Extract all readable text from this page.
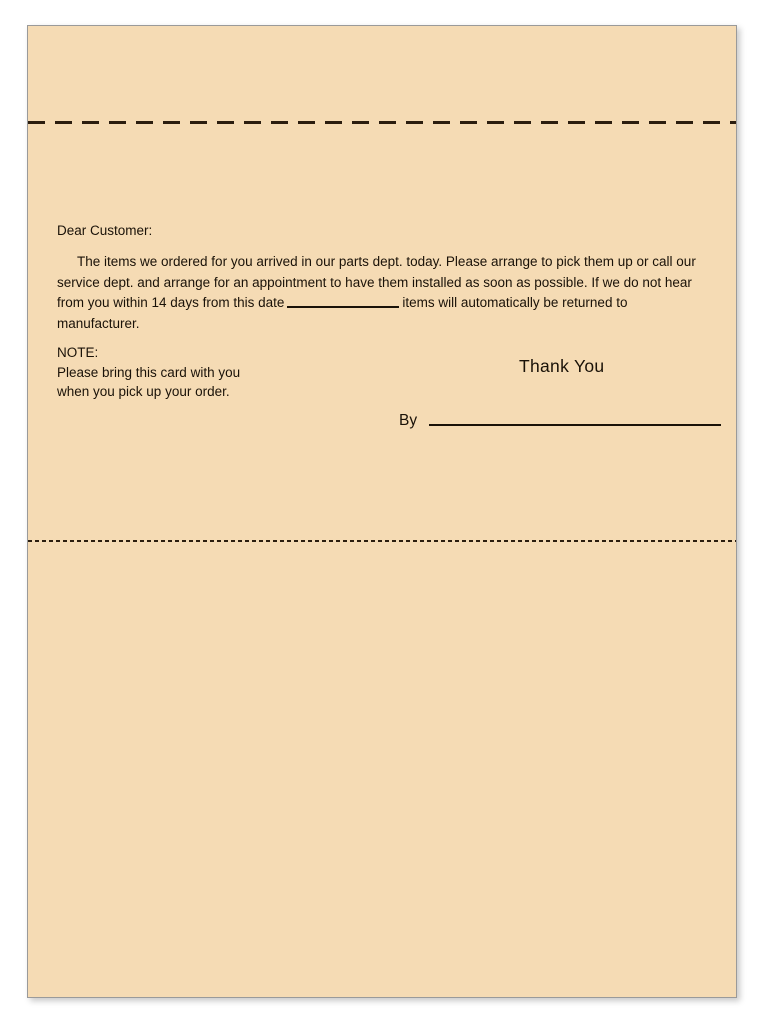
Dear Customer:

The items we ordered for you arrived in our parts dept. today. Please arrange to pick them up or call our service dept. and arrange for an appointment to have them installed as soon as possible. If we do not hear from you within 14 days from this date	items will automatically be returned to manufacturer.

NOTE:
Please bring this card with you
when you pick up your order.
Thank You
By
